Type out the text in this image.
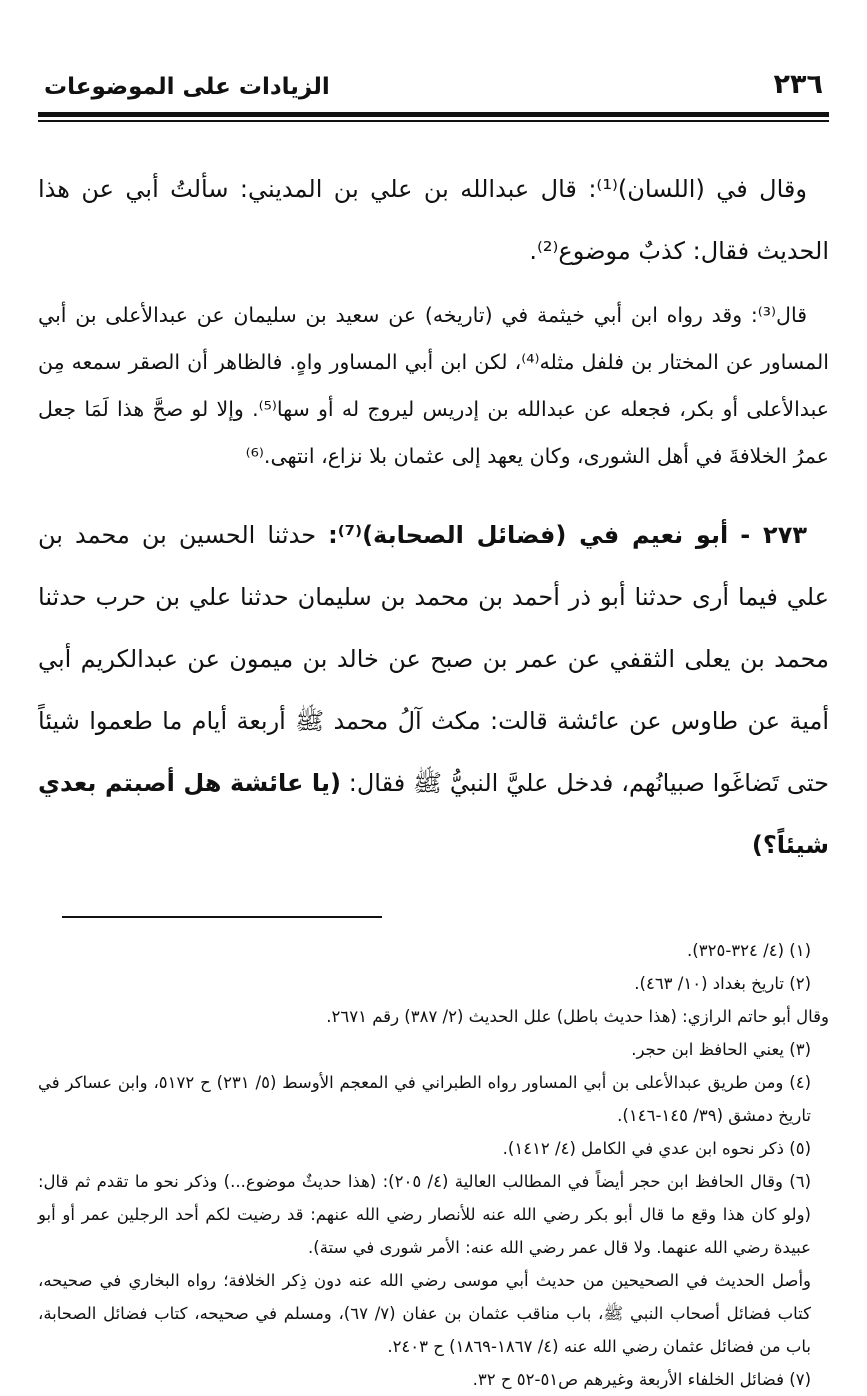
٢٣٦
الزيادات على الموضوعات

وقال في (اللسان)⁽¹⁾: قال عبدالله بن علي بن المديني: سألتُ أبي عن هذا الحديث فقال: كذبٌ موضوع⁽²⁾.

قال⁽³⁾: وقد رواه ابن أبي خيثمة في (تاريخه) عن سعيد بن سليمان عن عبدالأعلى بن أبي المساور عن المختار بن فلفل مثله⁽⁴⁾، لكن ابن أبي المساور واهٍ. فالظاهر أن الصقر سمعه مِن عبدالأعلى أو بكر، فجعله عن عبدالله بن إدريس ليروج له أو سها⁽⁵⁾. وإلا لو صحَّ هذا لَمَا جعل عمرُ الخلافةَ في أهل الشورى، وكان يعهد إلى عثمان بلا نزاع، انتهى.⁽⁶⁾

٢٧٣ - أبو نعيم في (فضائل الصحابة)⁽⁷⁾: حدثنا الحسين بن محمد بن علي فيما أرى حدثنا أبو ذر أحمد بن محمد بن سليمان حدثنا علي بن حرب حدثنا محمد بن يعلى الثقفي عن عمر بن صبح عن خالد بن ميمون عن عبدالكريم أبي أمية عن طاوس عن عائشة قالت: مكث آلُ محمد ﷺ أربعة أيام ما طعموا شيئاً حتى تَضاغَوا صبيانُهم، فدخل عليَّ النبيُّ ﷺ فقال: (يا عائشة هل أصبتم بعدي شيئاً؟)

(١) (٤/ ٣٢٤-٣٢٥).

(٢) تاريخ بغداد (١٠/ ٤٦٣).

وقال أبو حاتم الرازي: (هذا حديث باطل) علل الحديث (٢/ ٣٨٧) رقم ٢٦٧١.

(٣) يعني الحافظ ابن حجر.

(٤) ومن طريق عبدالأعلى بن أبي المساور رواه الطبراني في المعجم الأوسط (٥/ ٢٣١) ح ٥١٧٢، وابن عساكر في تاريخ دمشق (٣٩/ ١٤٥-١٤٦).

(٥) ذكر نحوه ابن عدي في الكامل (٤/ ١٤١٢).

(٦) وقال الحافظ ابن حجر أيضاً في المطالب العالية (٤/ ٢٠٥): (هذا حديثٌ موضوع...) وذكر نحو ما تقدم ثم قال: (ولو كان هذا وقع ما قال أبو بكر رضي الله عنه للأنصار رضي الله عنهم: قد رضيت لكم أحد الرجلين عمر أو أبو عبيدة رضي الله عنهما. ولا قال عمر رضي الله عنه: الأمر شورى في ستة).

وأصل الحديث في الصحيحين من حديث أبي موسى رضي الله عنه دون ذِكر الخلافة؛ رواه البخاري في صحيحه، كتاب فضائل أصحاب النبي ﷺ، باب مناقب عثمان بن عفان (٧/ ٦٧)، ومسلم في صحيحه، كتاب فضائل الصحابة، باب من فضائل عثمان رضي الله عنه (٤/ ١٨٦٧-١٨٦٩) ح ٢٤٠٣.

(٧) فضائل الخلفاء الأربعة وغيرهم ص٥١-٥٢ ح ٣٢.
